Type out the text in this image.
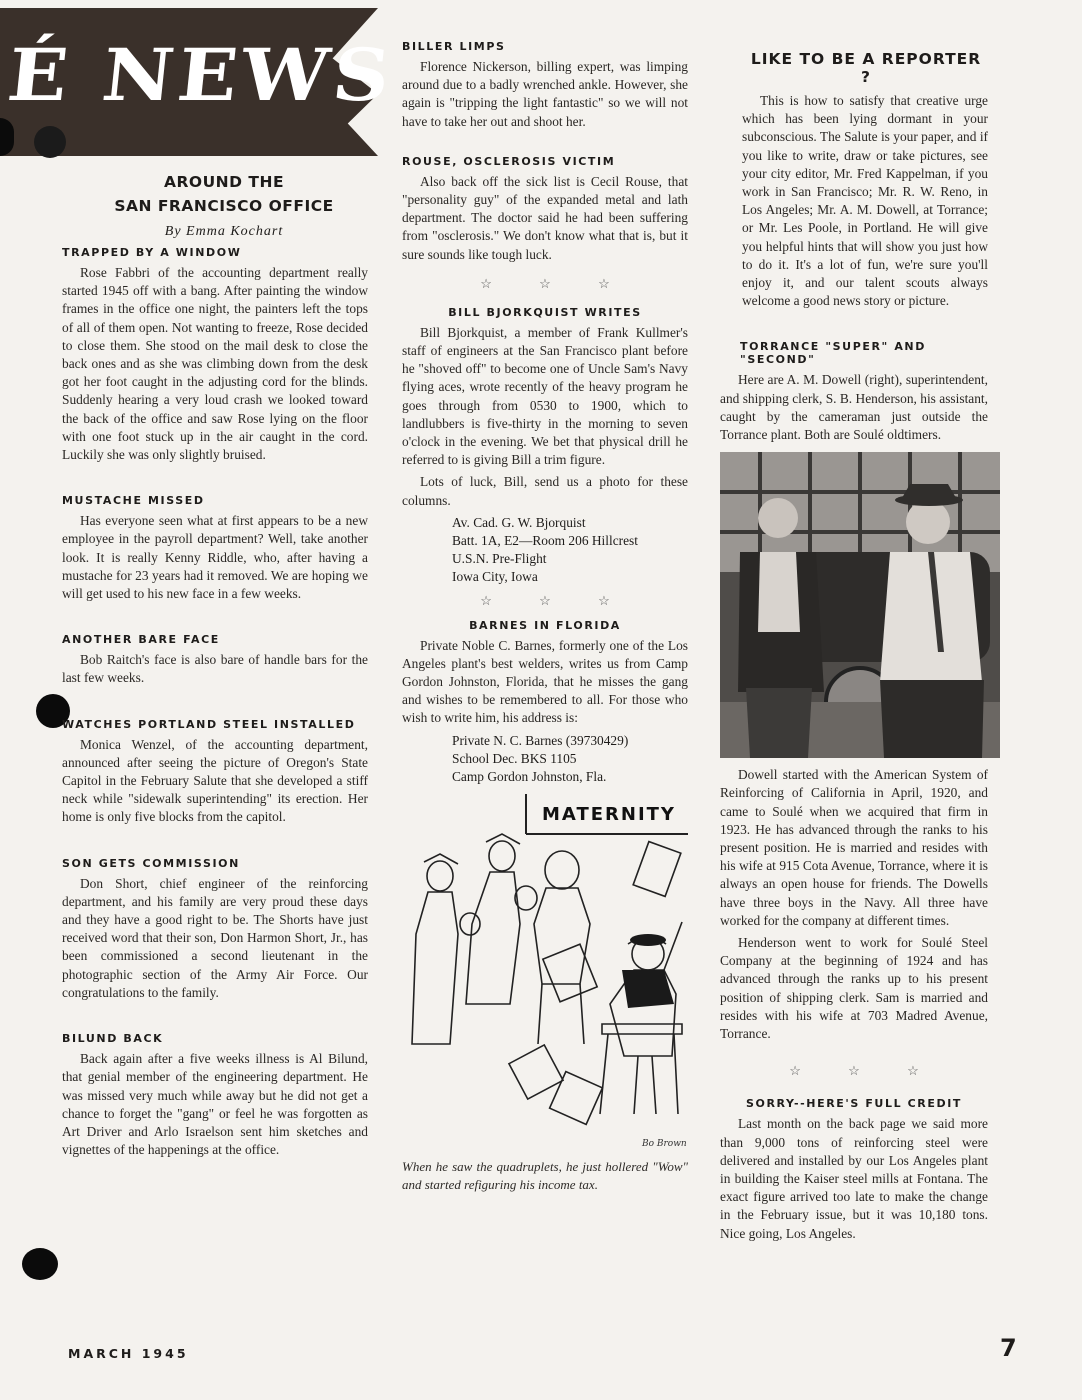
É NEWS
AROUND THE
SAN FRANCISCO OFFICE
By Emma Kochart
TRAPPED BY A WINDOW

Rose Fabbri of the accounting department really started 1945 off with a bang. After painting the window frames in the office one night, the painters left the tops of all of them open. Not wanting to freeze, Rose decided to close them. She stood on the mail desk to close the back ones and as she was climbing down from the desk got her foot caught in the adjusting cord for the blinds. Suddenly hearing a very loud crash we looked toward the back of the office and saw Rose lying on the floor with one foot stuck up in the air caught in the cord. Luckily she was only slightly bruised.

MUSTACHE MISSED

Has everyone seen what at first appears to be a new employee in the payroll department? Well, take another look. It is really Kenny Riddle, who, after having a mustache for 23 years had it removed. We are hoping we will get used to his new face in a few weeks.

ANOTHER BARE FACE

Bob Raitch's face is also bare of handle bars for the last few weeks.

WATCHES PORTLAND STEEL INSTALLED

Monica Wenzel, of the accounting department, announced after seeing the picture of Oregon's State Capitol in the February Salute that she developed a stiff neck while "sidewalk superintending" its erection. Her home is only five blocks from the capitol.

SON GETS COMMISSION

Don Short, chief engineer of the reinforcing department, and his family are very proud these days and they have a good right to be. The Shorts have just received word that their son, Don Harmon Short, Jr., has been commissioned a second lieutenant in the photographic section of the Army Air Force. Our congratulations to the family.

BILUND BACK

Back again after a five weeks illness is Al Bilund, that genial member of the engineering department. He was missed very much while away but he did not get a chance to forget the "gang" or feel he was forgotten as Art Driver and Arlo Israelson sent him sketches and vignettes of the happenings at the office.

BILLER LIMPS

Florence Nickerson, billing expert, was limping around due to a badly wrenched ankle. However, she again is "tripping the light fantastic" so we will not have to take her out and shoot her.

ROUSE, OSCLEROSIS VICTIM

Also back off the sick list is Cecil Rouse, that "personality guy" of the expanded metal and lath department. The doctor said he had been suffering from "osclerosis." We don't know what that is, but it sure sounds like tough luck.

☆ ☆ ☆
BILL BJORKQUIST WRITES

Bill Bjorkquist, a member of Frank Kullmer's staff of engineers at the San Francisco plant before he "shoved off" to become one of Uncle Sam's Navy flying aces, wrote recently of the heavy program he goes through from 0530 to 1900, which to landlubbers is five-thirty in the morning to seven o'clock in the evening. We bet that physical drill he referred to is giving Bill a trim figure.

Lots of luck, Bill, send us a photo for these columns.

Av. Cad. G. W. Bjorquist
Batt. 1A, E2—Room 206 Hillcrest
U.S.N. Pre-Flight
Iowa City, Iowa
☆ ☆ ☆
BARNES IN FLORIDA

Private Noble C. Barnes, formerly one of the Los Angeles plant's best welders, writes us from Camp Gordon Johnston, Florida, that he misses the gang and wishes to be remembered to all. For those who wish to write him, his address is:

Private N. C. Barnes (39730429)
School Dec. BKS 1105
Camp Gordon Johnston, Fla.
MATERNITY
Bo Brown

When he saw the quadruplets, he just hollered "Wow" and started refiguring his income tax.

LIKE TO BE A REPORTER ?

This is how to satisfy that creative urge which has been lying dormant in your subconscious. The Salute is your paper, and if you like to write, draw or take pictures, see your city editor, Mr. Fred Kappelman, if you work in San Francisco; Mr. R. W. Reno, in Los Angeles; Mr. A. M. Dowell, at Torrance; or Mr. Les Poole, in Portland. He will give you helpful hints that will show you just how to do it. It's a lot of fun, we're sure you'll enjoy it, and our talent scouts always welcome a good news story or picture.

TORRANCE "SUPER" AND "SECOND"

Here are A. M. Dowell (right), superintendent, and shipping clerk, S. B. Henderson, his assistant, caught by the cameraman just outside the Torrance plant. Both are Soulé oldtimers.

Dowell started with the American System of Reinforcing of California in April, 1920, and came to Soulé when we acquired that firm in 1923. He has advanced through the ranks to his present position. He is married and resides with his wife at 915 Cota Avenue, Torrance, where it is always an open house for friends. The Dowells have three boys in the Navy. All three have worked for the company at different times.

Henderson went to work for Soulé Steel Company at the beginning of 1924 and has advanced through the ranks up to his present position of shipping clerk. Sam is married and resides with his wife at 703 Madred Avenue, Torrance.

☆ ☆ ☆
SORRY--HERE'S FULL CREDIT

Last month on the back page we said more than 9,000 tons of reinforcing steel were delivered and installed by our Los Angeles plant in building the Kaiser steel mills at Fontana. The exact figure arrived too late to make the change in the February issue, but it was 10,180 tons. Nice going, Los Angeles.

MARCH 1945	7
